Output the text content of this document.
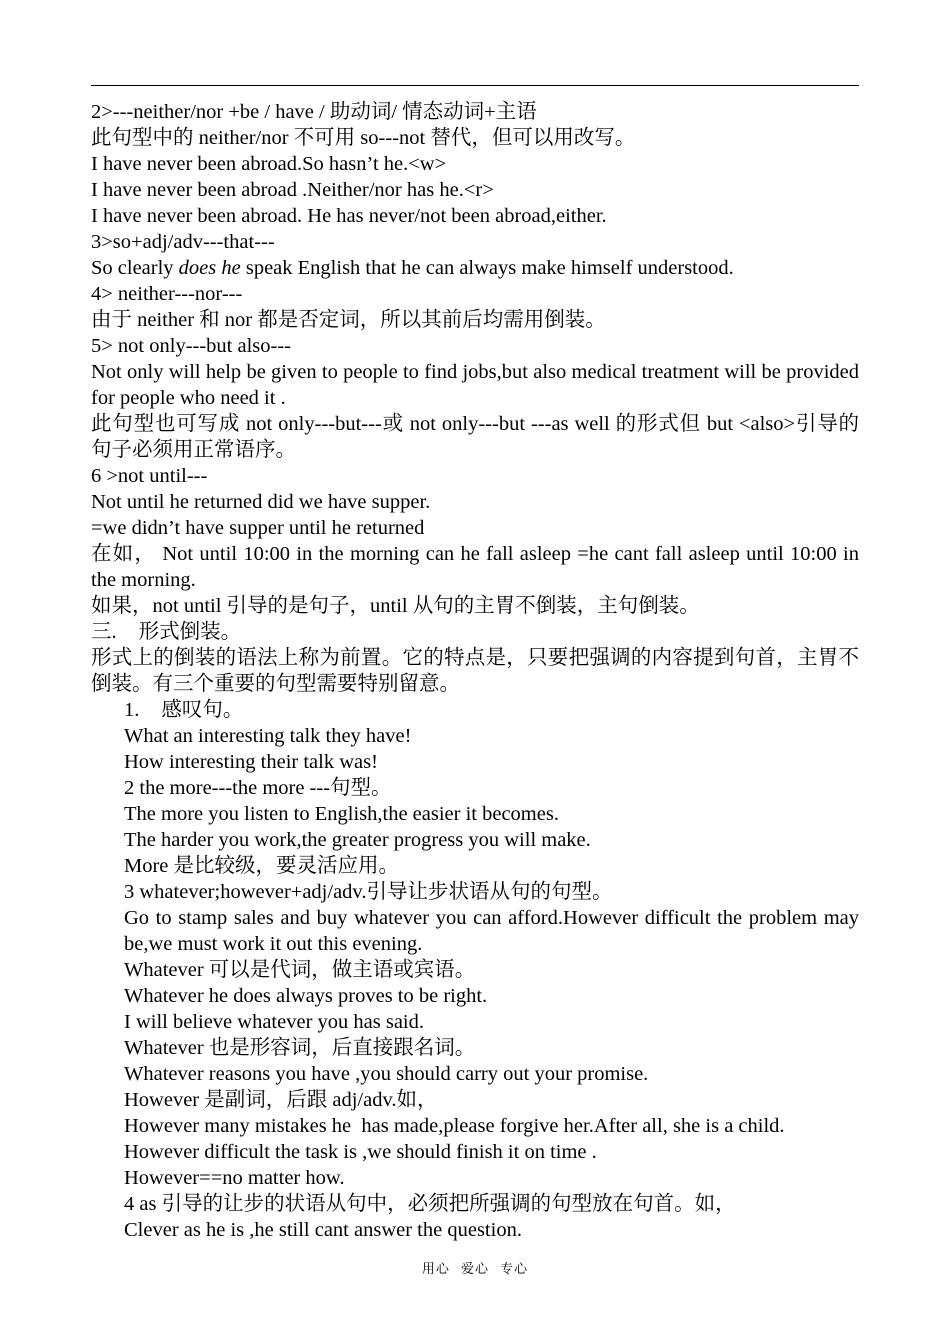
2>---neither/nor +be / have / 助动词/ 情态动词+主语

此句型中的 neither/nor 不可用 so---not 替代，但可以用改写。

I have never been abroad.So hasn’t he.<w>

I have never been abroad .Neither/nor has he.<r>

I have never been abroad. He has never/not been abroad,either.

3>so+adj/adv---that---

So clearly does he speak English that he can always make himself understood.

4> neither---nor---

由于 neither 和 nor 都是否定词，所以其前后均需用倒装。

5> not only---but also---

Not only will help be given to people to find jobs,but also medical treatment will be provided for people who need it .

此句型也可写成 not only---but---或 not only---but ---as well 的形式但 but <also>引导的句子必须用正常语序。

6 >not until---

Not until he returned did we have supper.

=we didn’t have supper until he returned

在如， Not until 10:00 in the morning can he fall asleep =he cant fall asleep until 10:00 in the morning.

如果，not until 引导的是句子，until 从句的主胃不倒装，主句倒装。

三. 形式倒装。

形式上的倒装的语法上称为前置。它的特点是，只要把强调的内容提到句首，主胃不倒装。有三个重要的句型需要特别留意。

1. 感叹句。

What an interesting talk they have!

How interesting their talk was!

2 the more---the more ---句型。

The more you listen to English,the easier it becomes.

The harder you work,the greater progress you will make.

More 是比较级，要灵活应用。

3 whatever;however+adj/adv.引导让步状语从句的句型。

Go to stamp sales and buy whatever you can afford.However difficult the problem may be,we must work it out this evening.

Whatever 可以是代词，做主语或宾语。

Whatever he does always proves to be right.

I will believe whatever you has said.

Whatever 也是形容词，后直接跟名词。

Whatever reasons you have ,you should carry out your promise.

However 是副词，后跟 adj/adv.如，

However many mistakes he  has made,please forgive her.After all, she is a child.

However difficult the task is ,we should finish it on time .

However==no matter how.

4 as 引导的让步的状语从句中，必须把所强调的句型放在句首。如，

Clever as he is ,he still cant answer the question.

用心 爱心 专心
